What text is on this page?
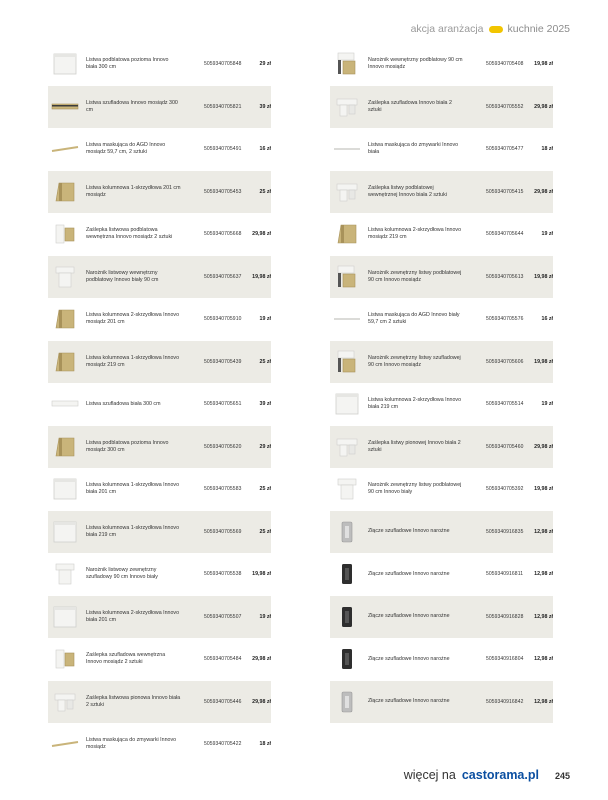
akcja aranżacja kuchnie 2025
Listwa podblatowa pozioma Innovo biała 300 cm	5059340705848	29 zł
Listwa szufladowa Innovo mosiądz 300 cm	5059340705821	39 zł
Listwa maskująca do AGD Innovo mosiądz 59,7 cm, 2 sztuki	5059340705491	16 zł
Listwa kolumnowa 1-skrzydłowa 201 cm mosiądz	5059340705453	25 zł
Zaślepka listwowa podblatowa wewnętrzna Innovo mosiądz 2 sztuki	5059340705668 29,98 zł
Narożnik listwowy wewnętrzny podblatowy Innovo biały 90 cm	5059340705637 19,98 zł
Listwa kolumnowa 2-skrzydłowa Innovo mosiądz 201 cm	5059340705910	19 zł
Listwa kolumnowa 1-skrzydłowa Innovo mosiądz 219 cm	5059340705439	25 zł
Listwa szufladowa biała 300 cm	5059340705651	39 zł
Listwa podblatowa pozioma Innovo mosiądz 300 cm	5059340705620	29 zł
Listwa kolumnowa 1-skrzydłowa Innovo biała 201 cm	5059340705583	25 zł
Listwa kolumnowa 1-skrzydłowa Innovo biała 219 cm	5059340705569	25 zł
Narożnik listwowy zewnętrzny szufladowy 90 cm Innovo biały	5059340705538 19,98 zł
Listwa kolumnowa 2-skrzydłowa Innovo biała 201 cm	5059340705507	19 zł
Zaślepka szufladowa wewnętrzna Innovo mosiądz 2 sztuki	5059340705484 29,98 zł
Zaślepka listwowa pionowa Innovo biała 2 sztuki	5059340705446 29,98 zł
Listwa maskująca do zmywarki Innovo mosiądz	5059340705422	18 zł
Narożnik wewnętrzny podblatowy 90 cm Innovo mosiądz	5059340705408 19,98 zł
Zaślepka szufladowa Innovo biała 2 sztuki	5059340705552 29,98 zł
Listwa maskująca do zmywarki Innovo biała	5059340705477	18 zł
Zaślepka listwy podblatowej wewnętrznej Innovo biała 2 sztuki	5059340705415 29,98 zł
Listwa kolumnowa 2-skrzydłowa Innovo mosiądz 219 cm	5059340705644	19 zł
Narożnik zewnętrzny listwy podblatowej 90 cm Innovo mosiądz	5059340705613 19,98 zł
Listwa maskująca do AGD Innovo biały 59,7 cm 2 sztuki	5059340705576	16 zł
Narożnik zewnętrzny listwy szufladowej 90 cm Innovo mosiądz	5059340705606 19,98 zł
Listwa kolumnowa 2-skrzydłowa Innovo biała 219 cm	5059340705514	19 zł
Zaślepka listwy pionowej Innovo biała 2 sztuki	5059340705460 29,98 zł
Narożnik zewnętrzny listwy podblatowej 90 cm Innovo biały	5059340705392 19,98 zł
Złącze szufladowe Innovo narożne	5059340916835 12,98 zł
Złącze szufladowe Innovo narożne	5059340916811 12,98 zł
Złącze szufladowe Innovo narożne	5059340916828 12,98 zł
Złącze szufladowe Innovo narożne	5059340916804 12,98 zł
Złącze szufladowe Innovo narożne	5059340916842 12,98 zł
więcej na castorama.pl 245
